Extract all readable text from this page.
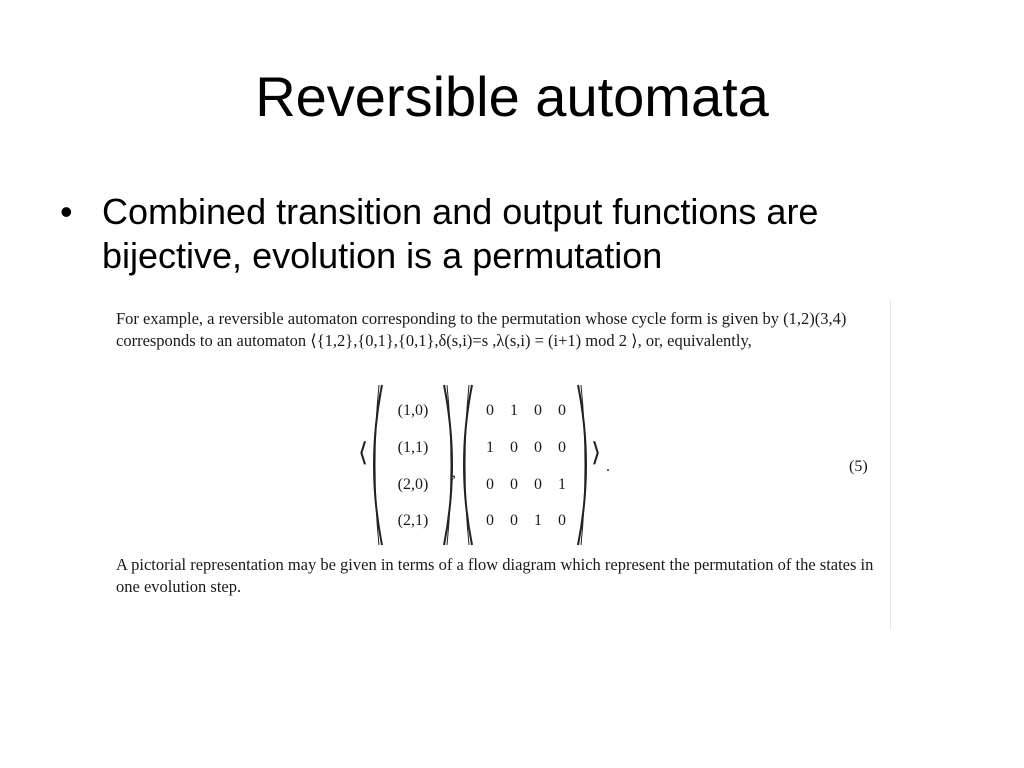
Reversible automata
• Combined transition and output functions are bijective, evolution is a permutation

For example, a reversible automaton corresponding to the permutation whose cycle form is given by (1,2)(3,4) corresponds to an automaton ⟨{1,2},{0,1},{0,1},δ(s,i)=s ,λ(s,i) = (i+1) mod 2 ⟩, or, equivalently,

⟨	⟩
(1,0)
(1,1)
(2,0)
(2,1)
,
0	1	0	0
1	0	0	0
0	0	0	1
0	0	1	0
.	(5)

A pictorial representation may be given in terms of a flow diagram which represent the permutation of the states in one evolution step.
